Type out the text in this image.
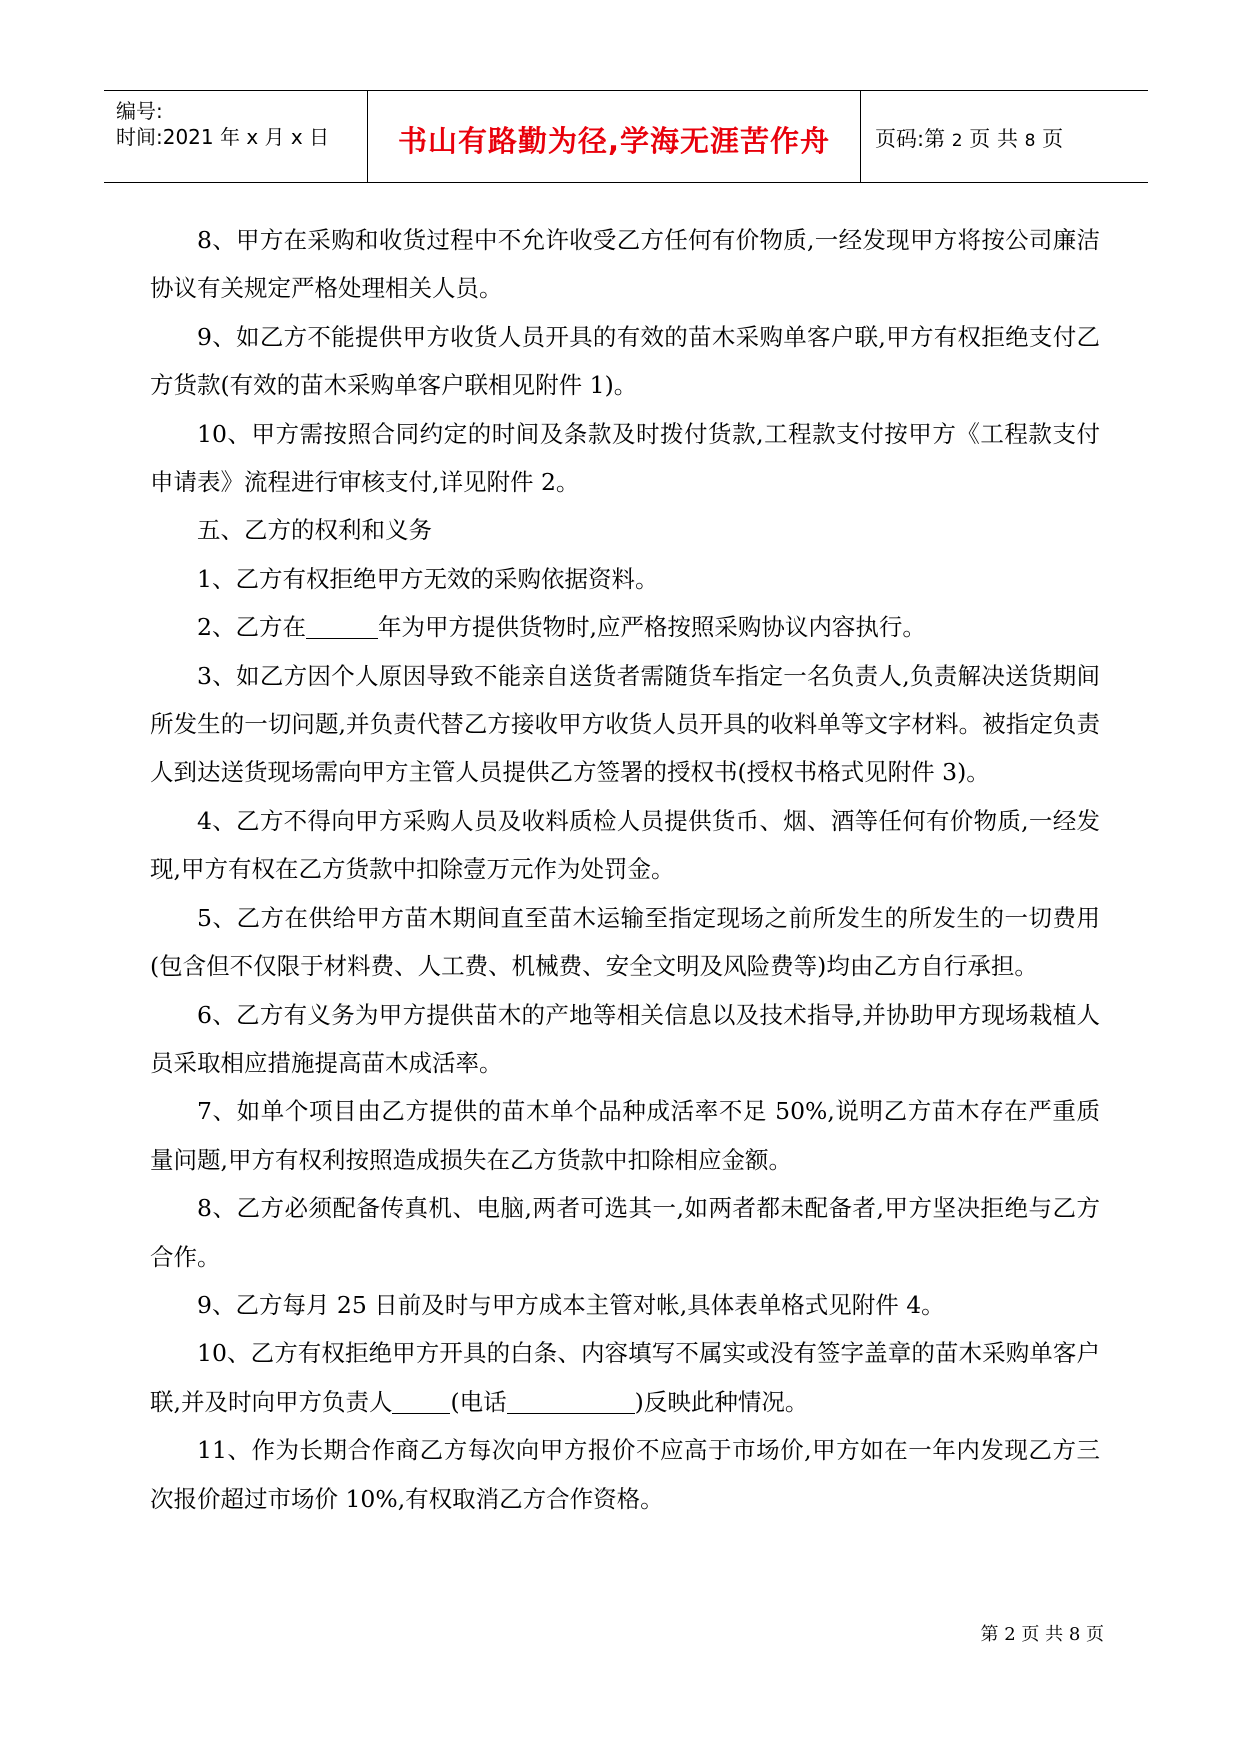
编号:
时间:2021 年 x 月 x 日	书山有路勤为径,学海无涯苦作舟	页码:第 2 页 共 8 页

8、甲方在采购和收货过程中不允许收受乙方任何有价物质,一经发现甲方将按公司廉洁协议有关规定严格处理相关人员。

9、如乙方不能提供甲方收货人员开具的有效的苗木采购单客户联,甲方有权拒绝支付乙方货款(有效的苗木采购单客户联相见附件 1)。

10、甲方需按照合同约定的时间及条款及时拨付货款,工程款支付按甲方《工程款支付申请表》流程进行审核支付,详见附件 2。

五、乙方的权利和义务

1、乙方有权拒绝甲方无效的采购依据资料。

2、乙方在	年为甲方提供货物时,应严格按照采购协议内容执行。

3、如乙方因个人原因导致不能亲自送货者需随货车指定一名负责人,负责解决送货期间所发生的一切问题,并负责代替乙方接收甲方收货人员开具的收料单等文字材料。被指定负责人到达送货现场需向甲方主管人员提供乙方签署的授权书(授权书格式见附件 3)。

4、乙方不得向甲方采购人员及收料质检人员提供货币、烟、酒等任何有价物质,一经发现,甲方有权在乙方货款中扣除壹万元作为处罚金。

5、乙方在供给甲方苗木期间直至苗木运输至指定现场之前所发生的所发生的一切费用(包含但不仅限于材料费、人工费、机械费、安全文明及风险费等)均由乙方自行承担。

6、乙方有义务为甲方提供苗木的产地等相关信息以及技术指导,并协助甲方现场栽植人员采取相应措施提高苗木成活率。

7、如单个项目由乙方提供的苗木单个品种成活率不足 50%,说明乙方苗木存在严重质量问题,甲方有权利按照造成损失在乙方货款中扣除相应金额。

8、乙方必须配备传真机、电脑,两者可选其一,如两者都未配备者,甲方坚决拒绝与乙方合作。

9、乙方每月 25 日前及时与甲方成本主管对帐,具体表单格式见附件 4。

10、乙方有权拒绝甲方开具的白条、内容填写不属实或没有签字盖章的苗木采购单客户联,并及时向甲方负责人 (电话	)反映此种情况。

11、作为长期合作商乙方每次向甲方报价不应高于市场价,甲方如在一年内发现乙方三次报价超过市场价 10%,有权取消乙方合作资格。

第 2 页 共 8 页
